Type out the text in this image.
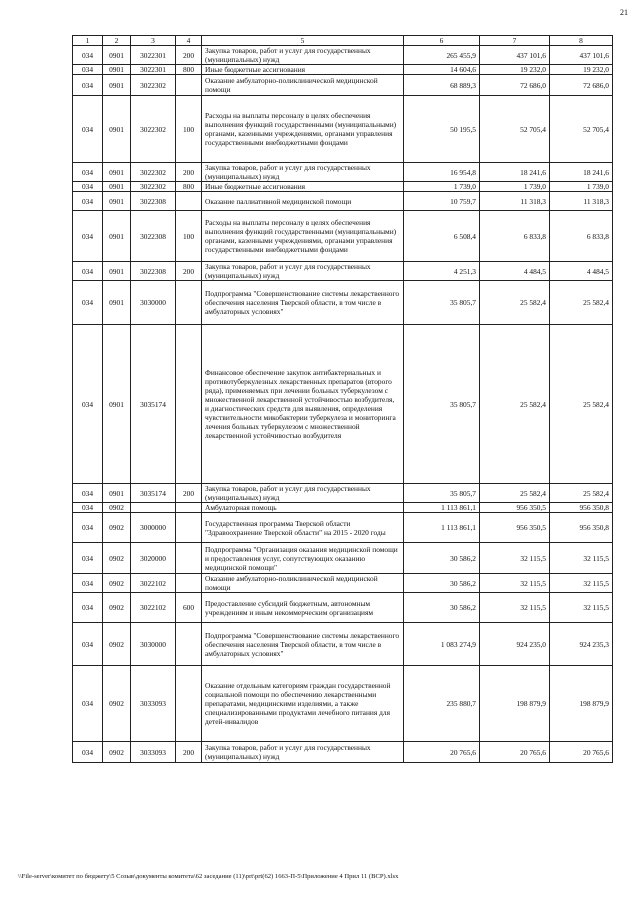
21
1	2	3	4	5	6	7	8
034	0901	3022301	200	Закупка товаров, работ и услуг для государственных (муниципальных) нужд	265 455,9	437 101,6	437 101,6
034	0901	3022301	800	Иные бюджетные ассигнования	14 604,6	19 232,0	19 232,0
034	0901	3022302		Оказание амбулаторно-поликлинической медицинской помощи	68 889,3	72 686,0	72 686,0
034	0901	3022302	100	Расходы на выплаты персоналу в целях обеспечения выполнения функций государственными (муниципальными) органами, казенными учреждениями, органами управления государственными внебюджетными фондами	50 195,5	52 705,4	52 705,4
034	0901	3022302	200	Закупка товаров, работ и услуг для государственных (муниципальных) нужд	16 954,8	18 241,6	18 241,6
034	0901	3022302	800	Иные бюджетные ассигнования	1 739,0	1 739,0	1 739,0
034	0901	3022308		Оказание паллиативной медицинской помощи	10 759,7	11 318,3	11 318,3
034	0901	3022308	100	Расходы на выплаты персоналу в целях обеспечения выполнения функций государственными (муниципальными) органами, казенными учреждениями, органами управления государственными внебюджетными фондами	6 508,4	6 833,8	6 833,8
034	0901	3022308	200	Закупка товаров, работ и услуг для государственных (муниципальных) нужд	4 251,3	4 484,5	4 484,5
034	0901	3030000		Подпрограмма "Совершенствование системы лекарственного обеспечения населения Тверской области, в том числе в амбулаторных условиях"	35 805,7	25 582,4	25 582,4
034	0901	3035174		Финансовое обеспечение закупок антибактериальных и противотуберкулезных лекарственных препаратов (второго ряда), применяемых при лечении больных туберкулезом с множественной лекарственной устойчивостью возбудителя, и диагностических средств для выявления, определения чувствительности микобактерии туберкулеза и мониторинга лечения больных туберкулезом с множественной лекарственной устойчивостью возбудителя	35 805,7	25 582,4	25 582,4
034	0901	3035174	200	Закупка товаров, работ и услуг для государственных (муниципальных) нужд	35 805,7	25 582,4	25 582,4
034	0902			Амбулаторная помощь	1 113 861,1	956 350,5	956 350,8
034	0902	3000000		Государственная программа Тверской области "Здравоохранение Тверской области" на 2015 - 2020 годы	1 113 861,1	956 350,5	956 350,8
034	0902	3020000		Подпрограмма "Организация оказания медицинской помощи и предоставления услуг, сопутствующих оказанию медицинской помощи"	30 586,2	32 115,5	32 115,5
034	0902	3022102		Оказание амбулаторно-поликлинической медицинской помощи	30 586,2	32 115,5	32 115,5
034	0902	3022102	600	Предоставление субсидий бюджетным, автономным учреждениям и иным некоммерческим организациям	30 586,2	32 115,5	32 115,5
034	0902	3030000		Подпрограмма "Совершенствование системы лекарственного обеспечения населения Тверской области, в том числе в амбулаторных условиях"	1 083 274,9	924 235,0	924 235,3
034	0902	3033093		Оказание отдельным категориям граждан государственной социальной помощи по обеспечению лекарственными препаратами, медицинскими изделиями, а также специализированными продуктами лечебного питания для детей-инвалидов	235 880,7	198 879,9	198 879,9
034	0902	3033093	200	Закупка товаров, работ и услуг для государственных (муниципальных) нужд	20 765,6	20 765,6	20 765,6
\\File-server\комитет по бюджету\5 Созыв\документы комитета\62 заседание (11)\prt\prt(62) 1663-П-5\Приложение 4 Прил 11 (ВСР).xlsx
